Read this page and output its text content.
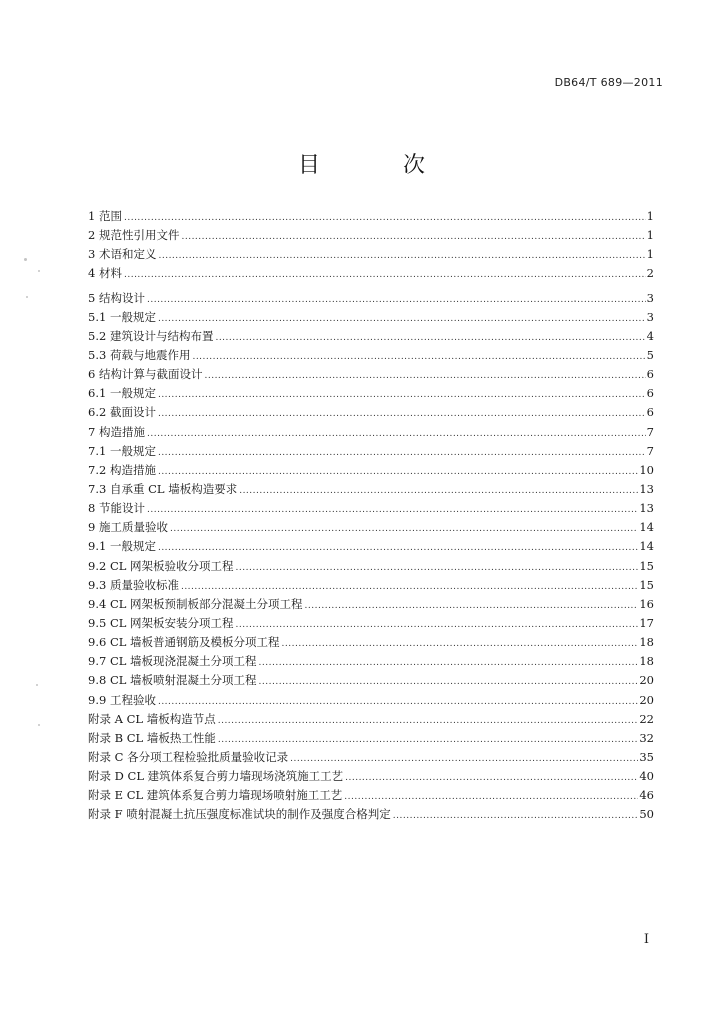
DB64/T 689—2011
目 次
1 范围 .....	1
2 规范性引用文件 .....	1
3 术语和定义 .....	1
4 材料 .....	2
5 结构设计 .....	3
5.1 一般规定 .....	3
5.2 建筑设计与结构布置 .....	4
5.3 荷载与地震作用 .....	5
6 结构计算与截面设计 .....	6
6.1 一般规定 .....	6
6.2 截面设计 .....	6
7 构造措施 .....	7
7.1 一般规定 .....	7
7.2 构造措施 .....	10
7.3 自承重 CL 墙板构造要求 .....	13
8 节能设计 .....	13
9 施工质量验收 .....	14
9.1 一般规定 .....	14
9.2 CL 网架板验收分项工程 .....	15
9.3 质量验收标准 .....	15
9.4 CL 网架板预制板部分混凝土分项工程 .....	16
9.5 CL 网架板安装分项工程 .....	17
9.6 CL 墙板普通钢筋及模板分项工程 .....	18
9.7 CL 墙板现浇混凝土分项工程 .....	18
9.8 CL 墙板喷射混凝土分项工程 .....	20
9.9 工程验收 .....	20
附录 A CL 墙板构造节点 .....	22
附录 B CL 墙板热工性能 .....	32
附录 C 各分项工程检验批质量验收记录 .....	35
附录 D CL 建筑体系复合剪力墙现场浇筑施工工艺 .....	40
附录 E CL 建筑体系复合剪力墙现场喷射施工工艺 .....	46
附录 F 喷射混凝土抗压强度标准试块的制作及强度合格判定 .....	50
I
